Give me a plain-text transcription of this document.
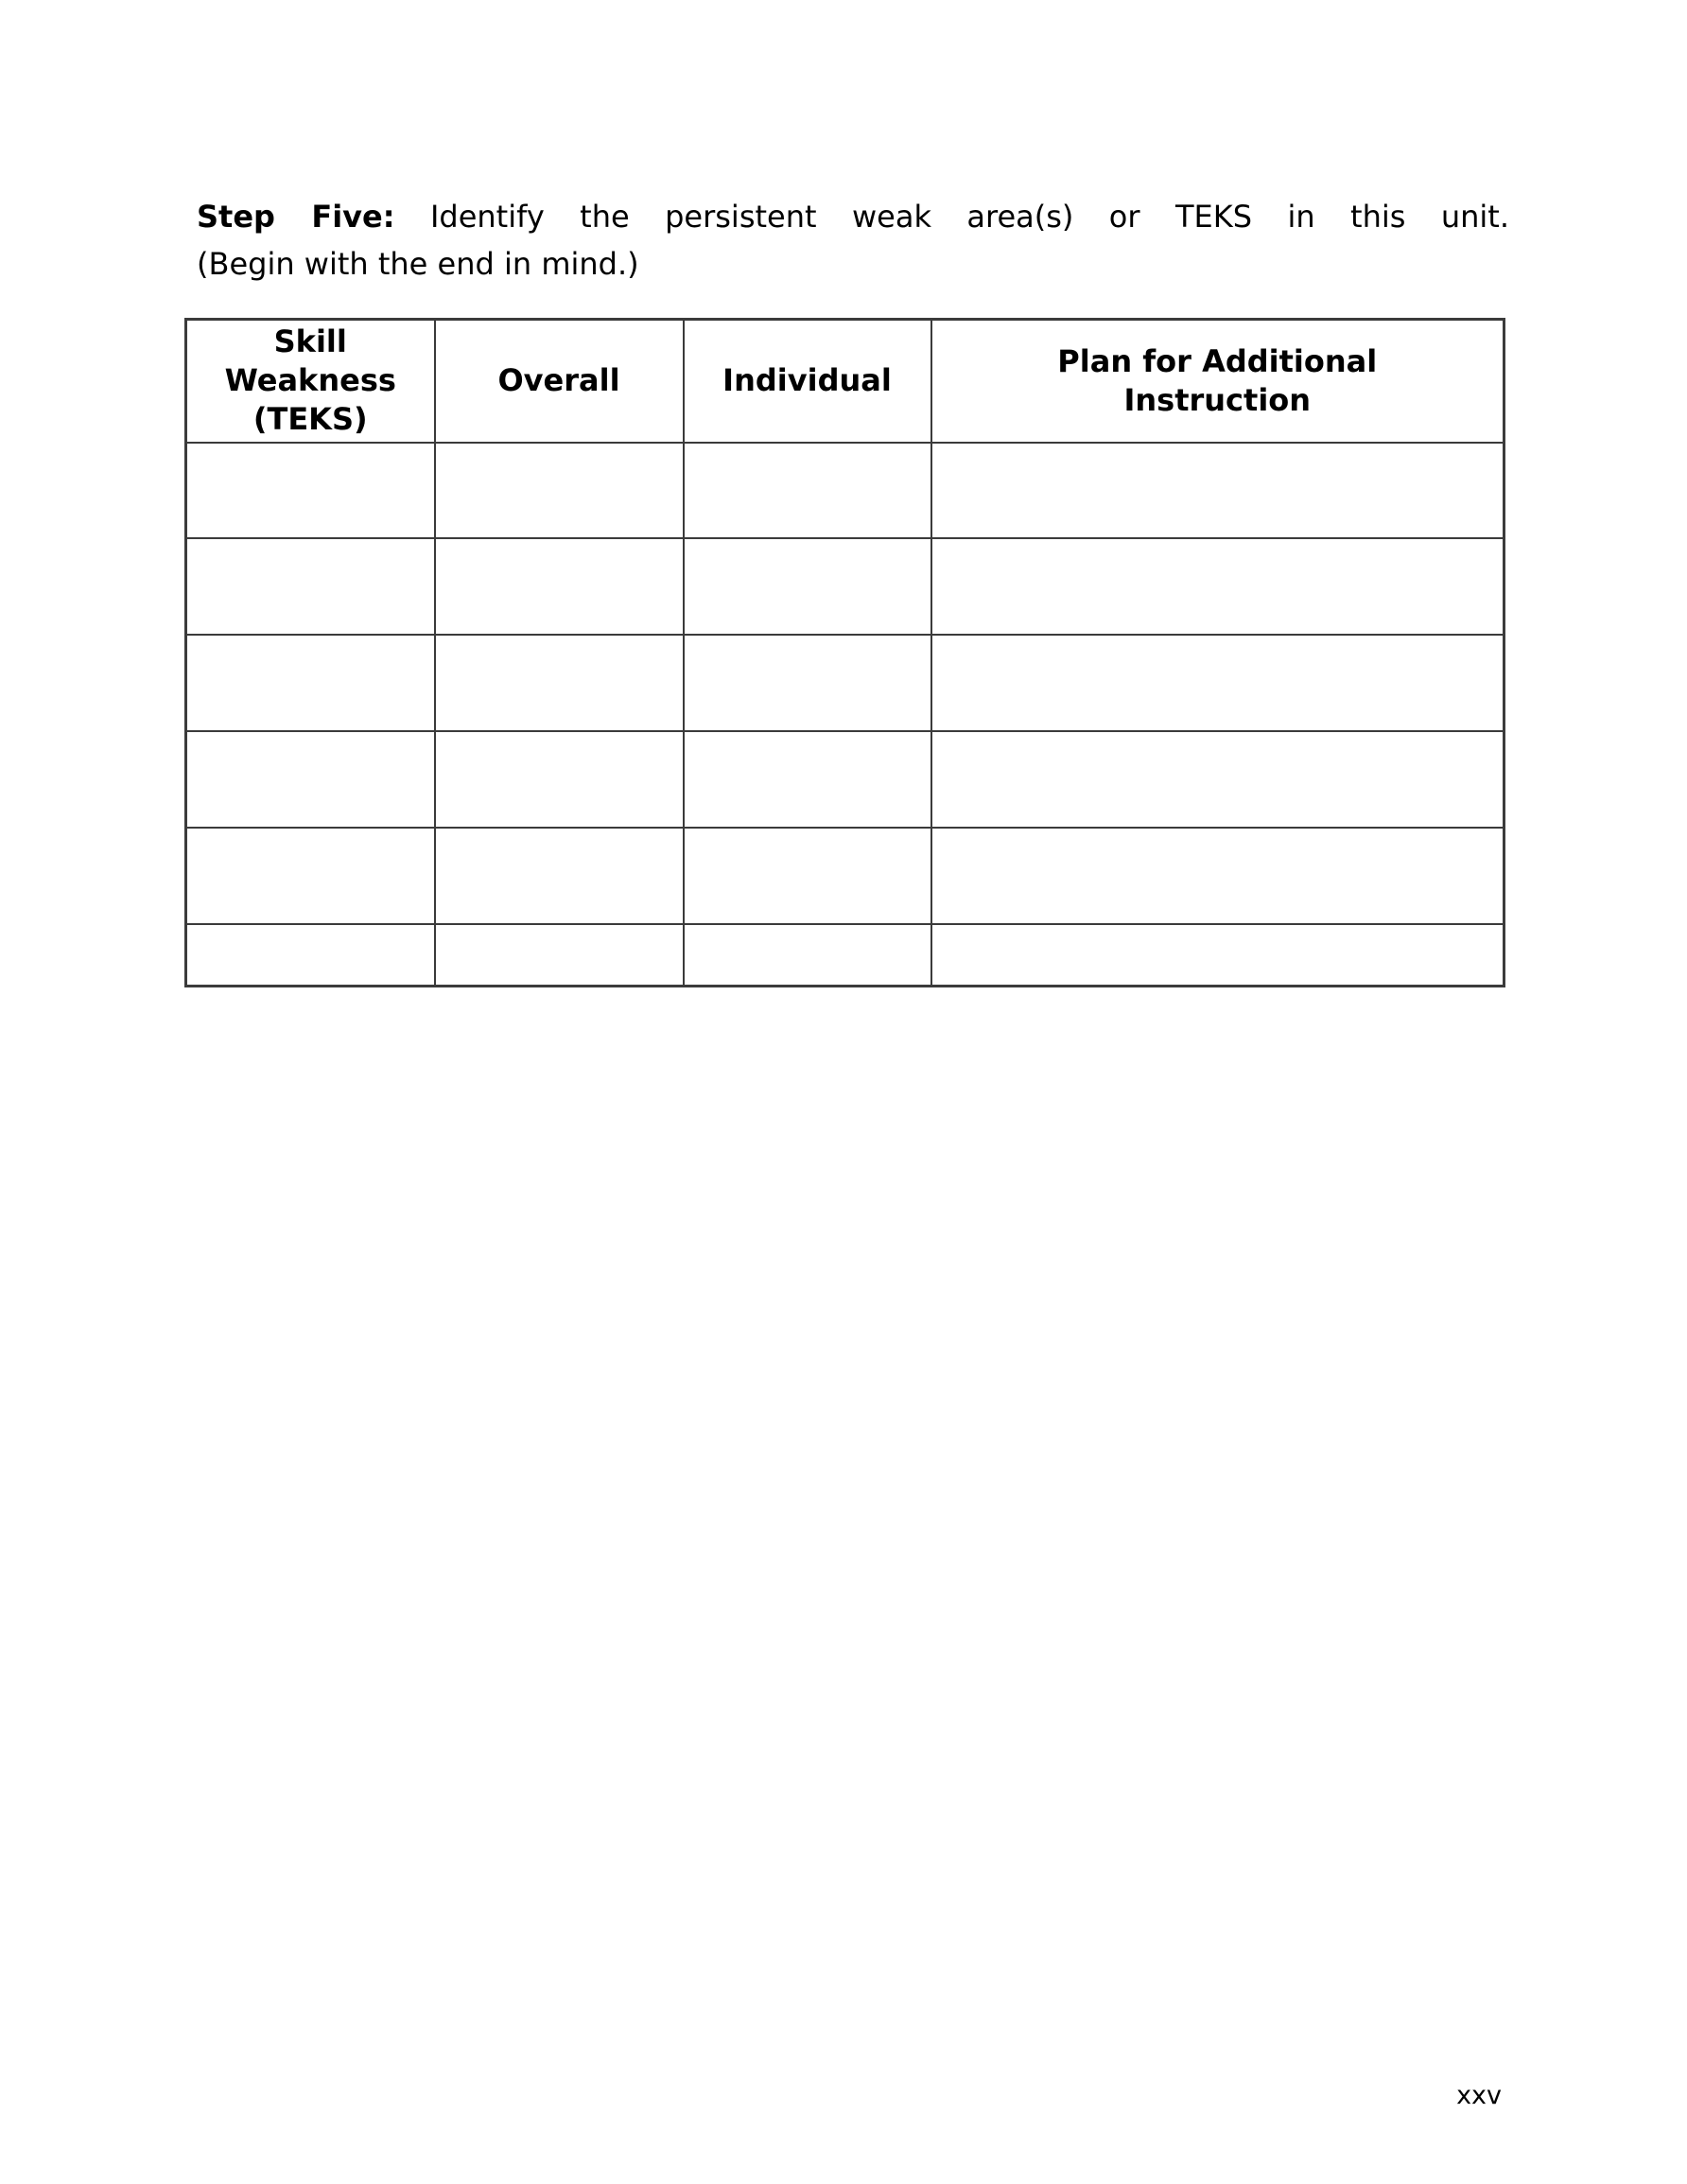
Step Five: Identify the persistent weak area(s) or TEKS in this unit.
(Begin with the end in mind.)
Skill Weakness (TEKS)	Overall	Individual	Plan for Additional Instruction

xxv
